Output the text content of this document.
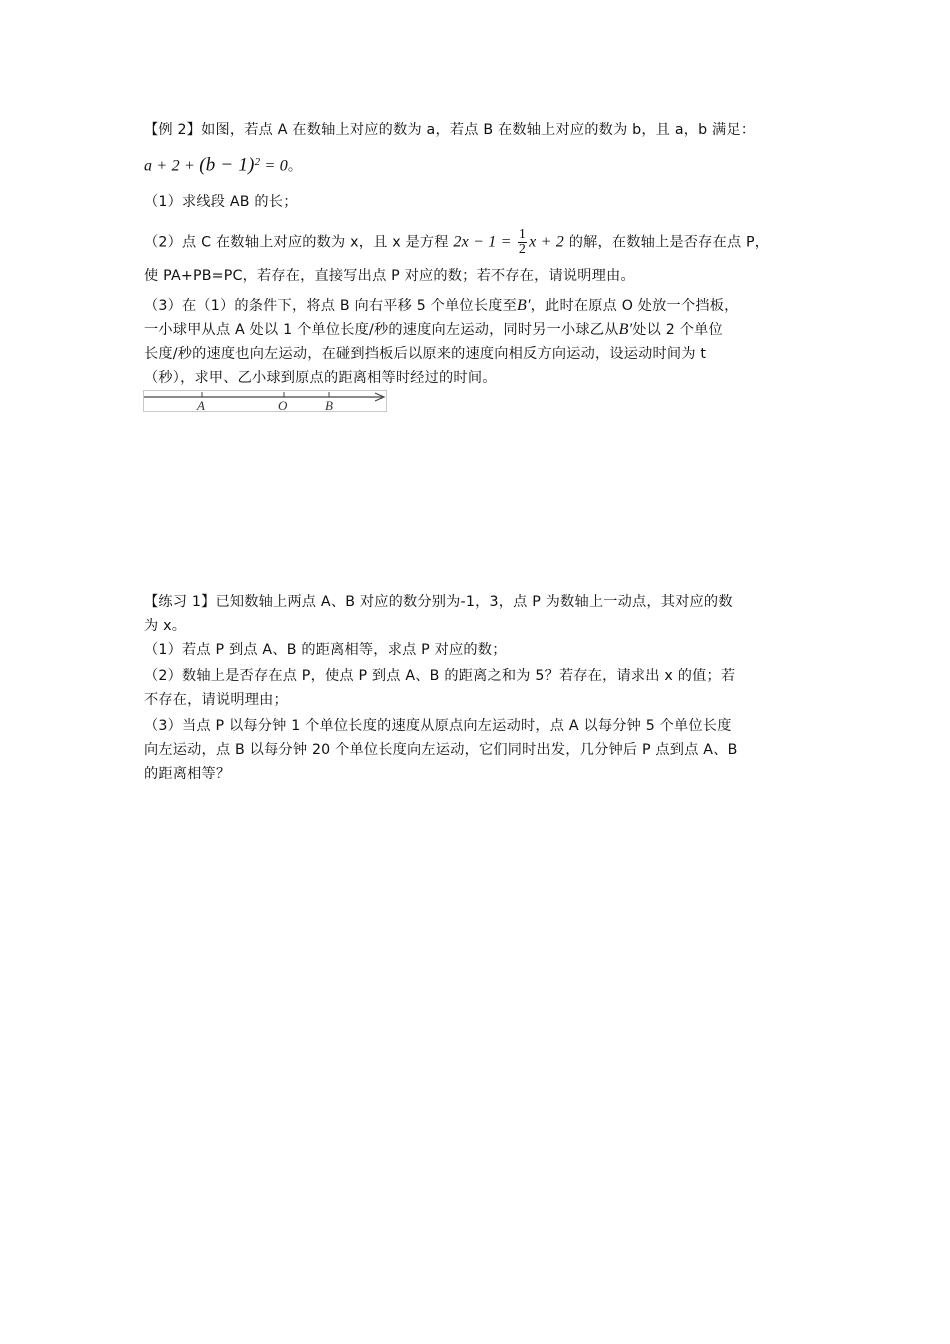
【例 2】如图，若点 A 在数轴上对应的数为 a，若点 B 在数轴上对应的数为 b，且 a，b 满足：
$a + 2 + (b - 1)^2 = 0$。
（1）求线段 AB 的长；
（2）点 C 在数轴上对应的数为 x，且 x 是方程 $2x - 1 = \frac{1}{2}$ x + 2 的解，在数轴上是否存在点 P，
使 PA+PB=PC，若存在，直接写出点 P 对应的数；若不存在，请说明理由。
（3）在（1）的条件下，将点 B 向右平移 5 个单位长度至B′，此时在原点 O 处放一个挡板，
一小球甲从点 A 处以 1 个单位长度/秒的速度向左运动，同时另一小球乙从B′处以 2 个单位
长度/秒的速度也向左运动，在碰到挡板后以原来的速度向相反方向运动，设运动时间为 t
（秒），求甲、乙小球到原点的距离相等时经过的时间。
A	O	B
【练习 1】已知数轴上两点 A、B 对应的数分别为-1，3，点 P 为数轴上一动点，其对应的数
为 x。
（1）若点 P 到点 A、B 的距离相等，求点 P 对应的数；
（2）数轴上是否存在点 P，使点 P 到点 A、B 的距离之和为 5？若存在，请求出 x 的值；若
不存在，请说明理由；
（3）当点 P 以每分钟 1 个单位长度的速度从原点向左运动时，点 A 以每分钟 5 个单位长度
向左运动，点 B 以每分钟 20 个单位长度向左运动，它们同时出发，几分钟后 P 点到点 A、B
的距离相等？
